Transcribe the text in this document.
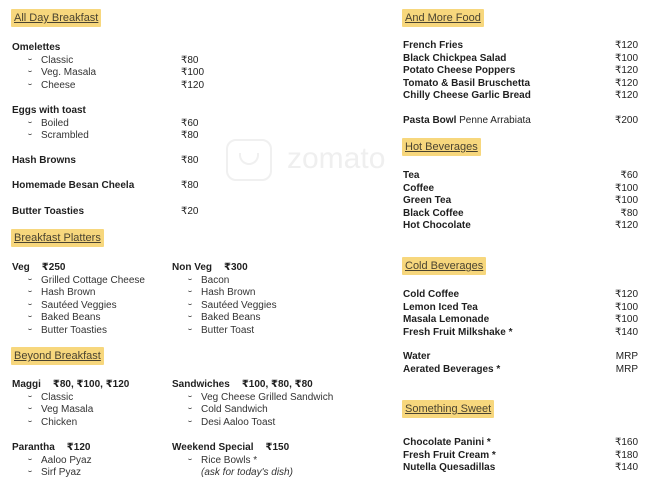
zomato
All Day Breakfast
Omelettes
Classic	₹80
Veg. Masala	₹100
Cheese	₹120
Eggs with toast
Boiled	₹60
Scrambled	₹80
Hash Browns	₹80
Homemade Besan Cheela	₹80
Butter Toasties	₹20
Breakfast Platters
Veg ₹250
Grilled Cottage Cheese
Hash Brown
Sautéed Veggies
Baked Beans
Butter Toasties
Non Veg ₹300
Bacon
Hash Brown
Sautéed Veggies
Baked Beans
Butter Toast
Beyond Breakfast
Maggi ₹80, ₹100, ₹120
Classic
Veg Masala
Chicken
Sandwiches ₹100, ₹80, ₹80
Veg Cheese Grilled Sandwich
Cold Sandwich
Desi Aaloo Toast
Parantha ₹120
Aaloo Pyaz
Sirf Pyaz
Weekend Special ₹150
Rice Bowls *
(ask for today's dish)
And More Food
French Fries	₹120
Black Chickpea Salad	₹100
Potato Cheese Poppers	₹120
Tomato & Basil Bruschetta	₹120
Chilly Cheese Garlic Bread	₹120
Pasta Bowl Penne Arrabiata	₹200
Hot Beverages
Tea	₹60
Coffee	₹100
Green Tea	₹100
Black Coffee	₹80
Hot Chocolate	₹120
Cold Beverages
Cold Coffee	₹120
Lemon Iced Tea	₹100
Masala Lemonade	₹100
Fresh Fruit Milkshake *	₹140
Water	MRP
Aerated Beverages *	MRP
Something Sweet
Chocolate Panini *	₹160
Fresh Fruit Cream *	₹180
Nutella Quesadillas	₹140
